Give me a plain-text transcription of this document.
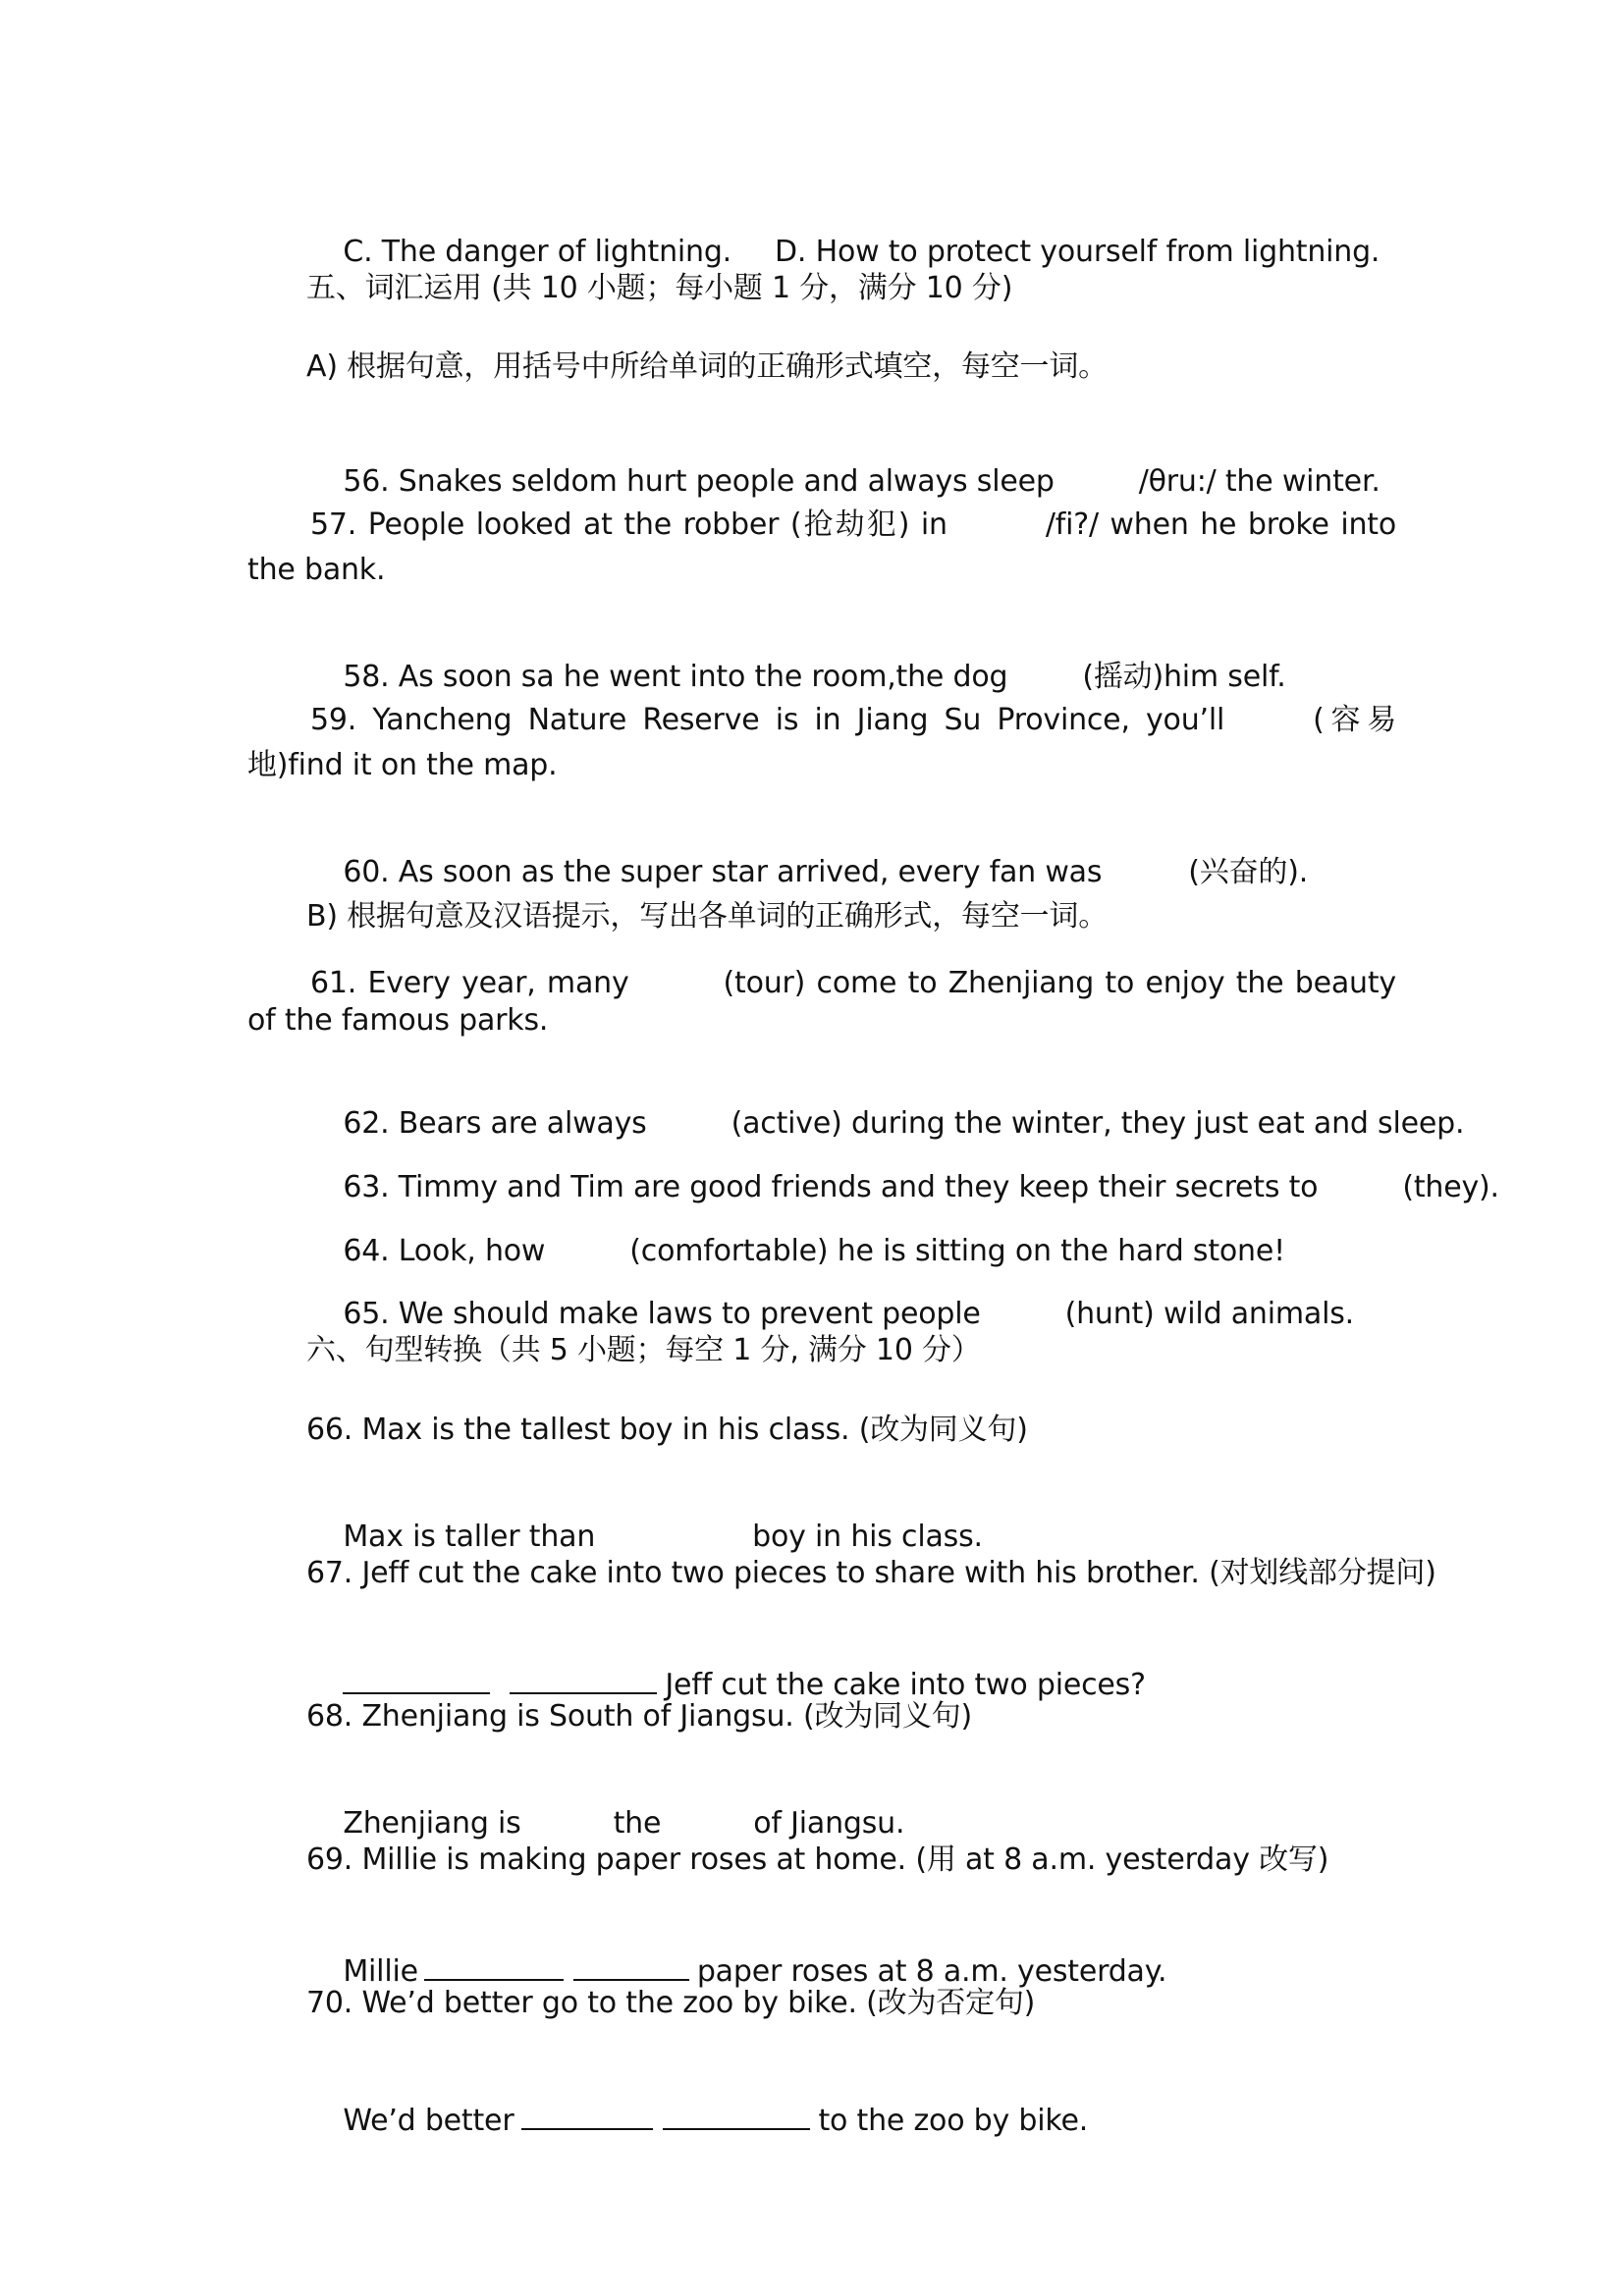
C. The danger of lightning. D. How to protect yourself from lightning.

五、词汇运用 (共 10 小题；每小题 1 分，满分 10 分)
A) 根据句意，用括号中所给单词的正确形式填空，每空一词。

56. Snakes seldom hurt people and always sleep	/θru:/ the winter.

57. People looked at the robber (抢劫犯) in	/fi?/ when he broke into the bank.

58. As soon sa he went into the room,the dog	(摇动)him self.

59. Yancheng Nature Reserve is in Jiang Su Province, you’ll	(容易地)find it on the map.

60. As soon as the super star arrived, every fan was	(兴奋的).

B) 根据句意及汉语提示，写出各单词的正确形式，每空一词。
61. Every year, many	(tour) come to Zhenjiang to enjoy the beauty of the famous parks.

62. Bears are always	(active) during the winter, they just eat and sleep.

63. Timmy and Tim are good friends and they keep their secrets to	(they).

64. Look, how	(comfortable) he is sitting on the hard stone!

65. We should make laws to prevent people	(hunt) wild animals.

六、句型转换（共 5 小题；每空 1 分, 满分 10 分）
66. Max is the tallest boy in his class. (改为同义句)

Max is taller than	boy in his class.

67. Jeff cut the cake into two pieces to share with his brother. (对划线部分提问)

Jeff cut the cake into two pieces?

68. Zhenjiang is South of Jiangsu. (改为同义句)

Zhenjiang is	the	of Jiangsu.

69. Millie is making paper roses at home. (用 at 8 a.m. yesterday 改写)

Millie	paper roses at 8 a.m. yesterday.

70. We’d better go to the zoo by bike. (改为否定句)

We’d better	to the zoo by bike.
